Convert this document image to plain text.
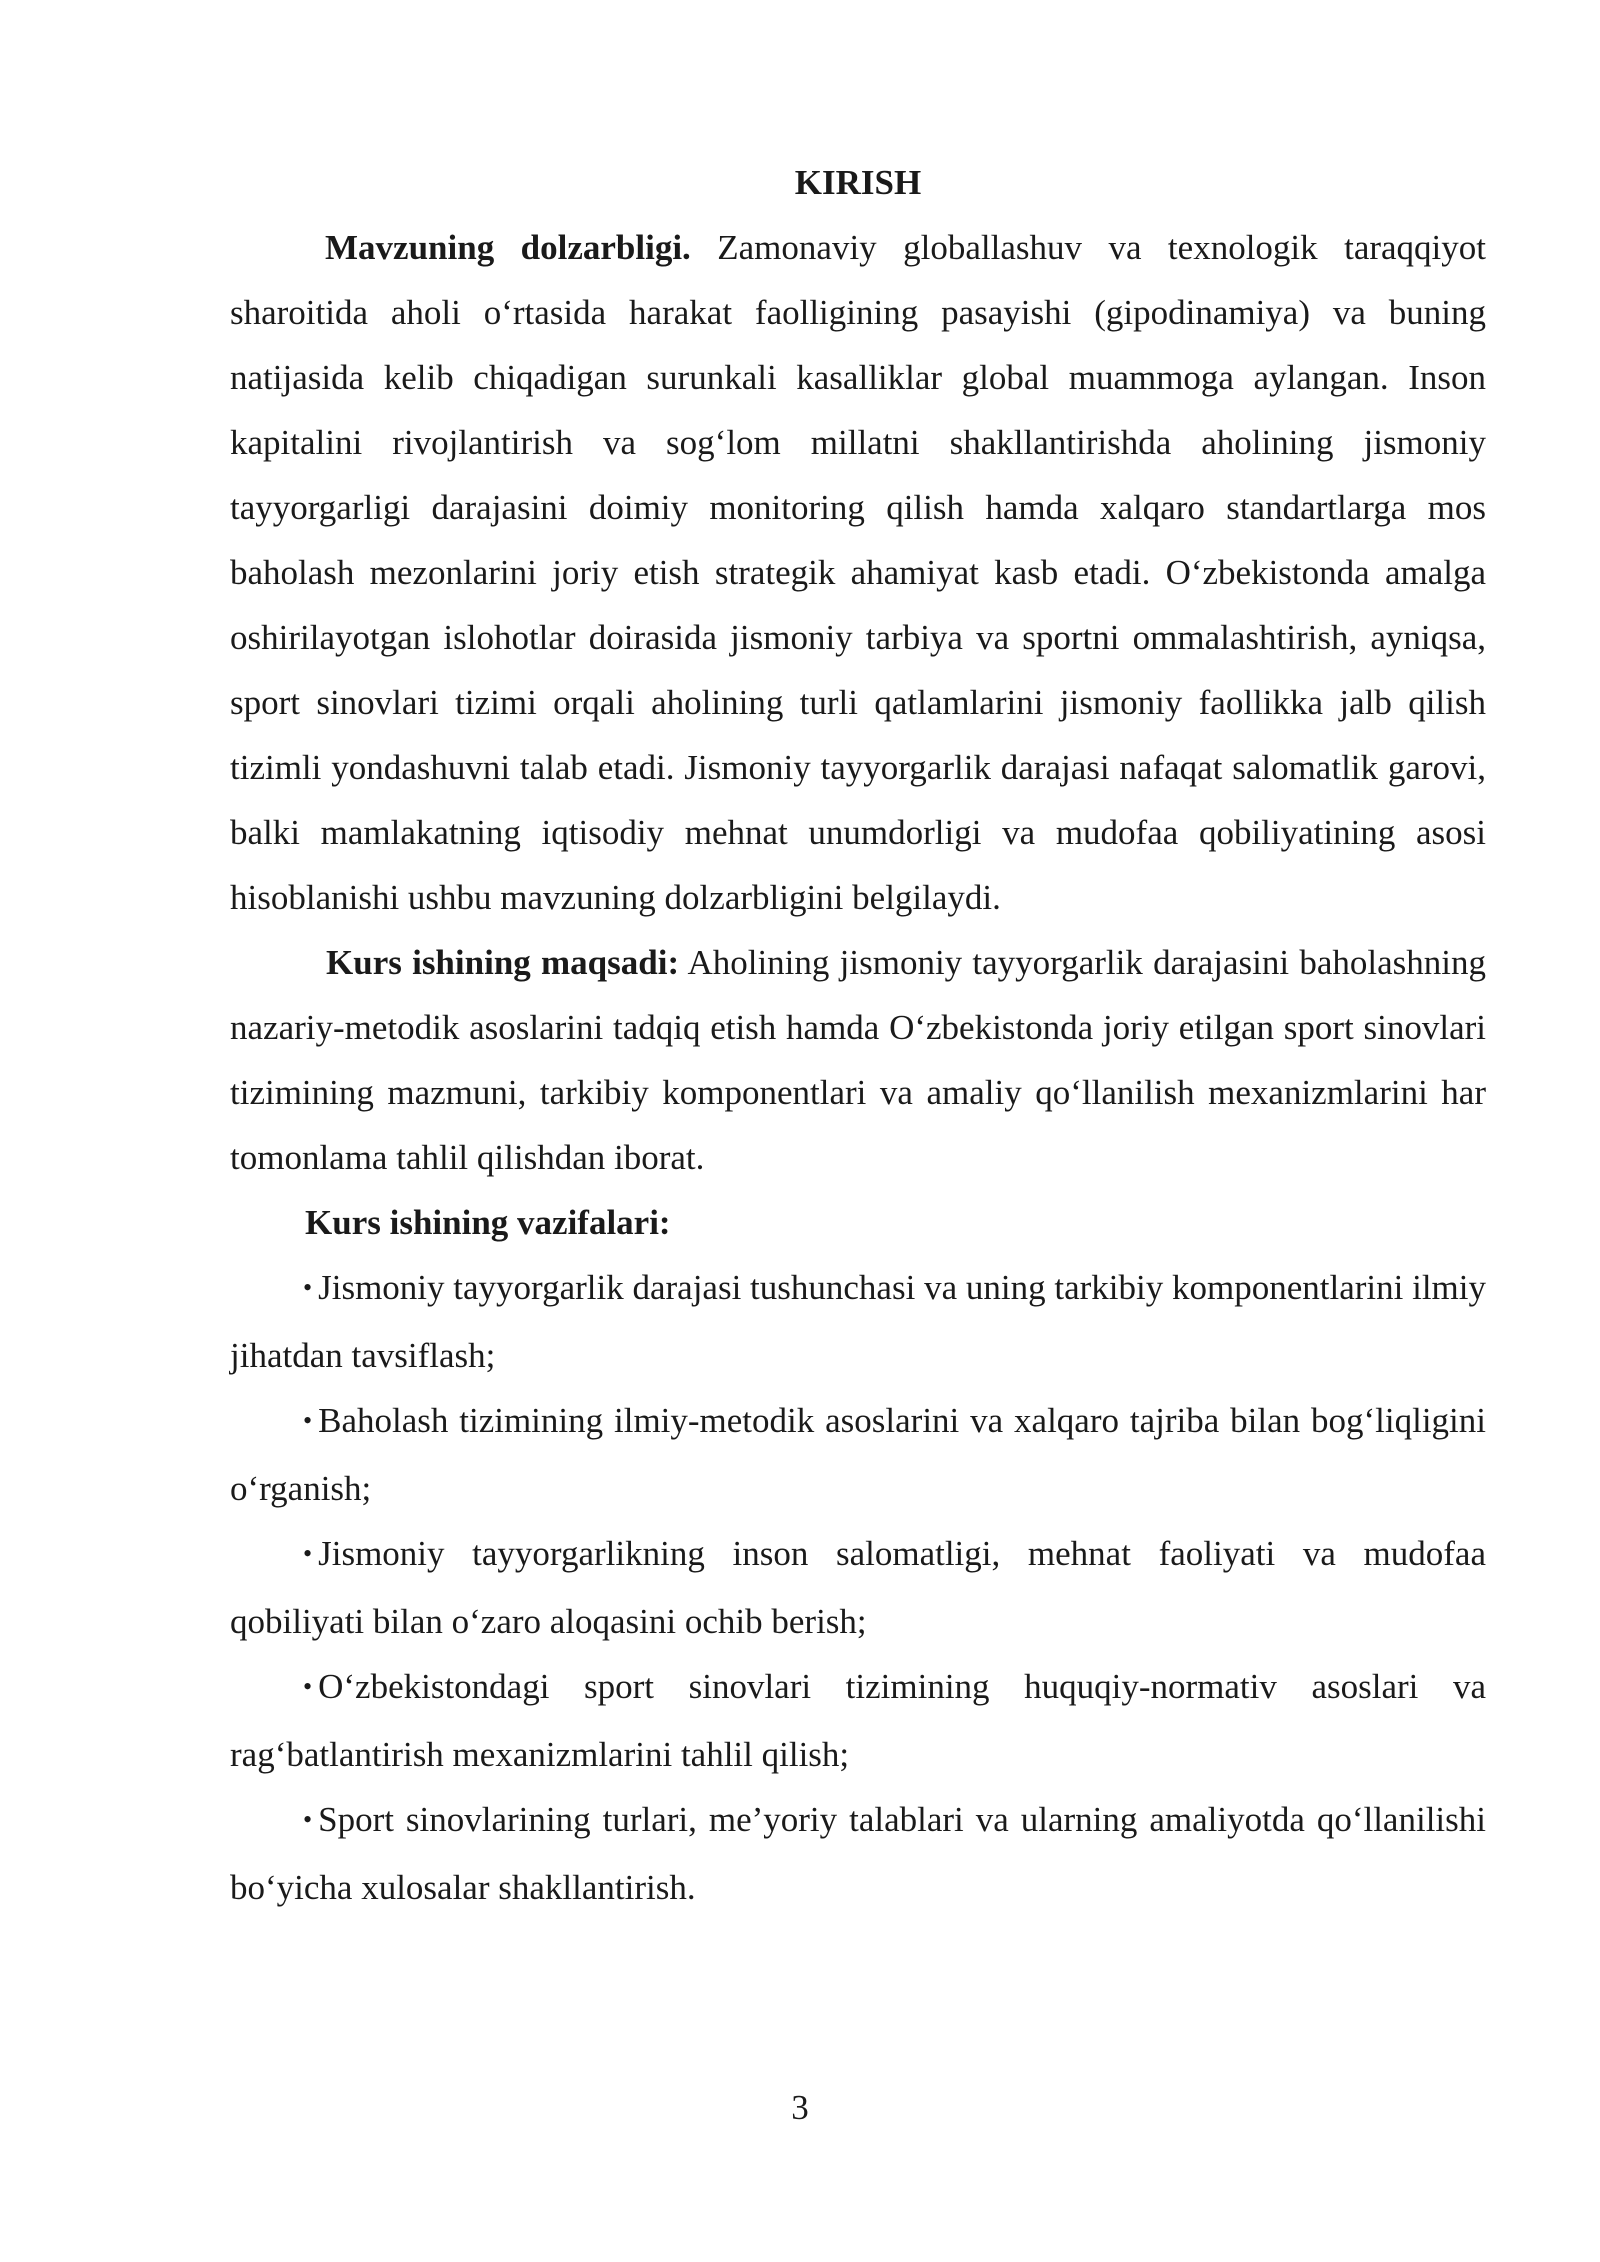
KIRISH

Mavzuning dolzarbligi. Zamonaviy globallashuv va texnologik taraqqiyot sharoitida aholi o‘rtasida harakat faolligining pasayishi (gipodinamiya) va buning natijasida kelib chiqadigan surunkali kasalliklar global muammoga aylangan. Inson kapitalini rivojlantirish va sog‘lom millatni shakllantirishda aholining jismoniy tayyorgarligi darajasini doimiy monitoring qilish hamda xalqaro standartlarga mos baholash mezonlarini joriy etish strategik ahamiyat kasb etadi. O‘zbekistonda amalga oshirilayotgan islohotlar doirasida jismoniy tarbiya va sportni ommalashtirish, ayniqsa, sport sinovlari tizimi orqali aholining turli qatlamlarini jismoniy faollikka jalb qilish tizimli yondashuvni talab etadi. Jismoniy tayyorgarlik darajasi nafaqat salomatlik garovi, balki mamlakatning iqtisodiy mehnat unumdorligi va mudofaa qobiliyatining asosi hisoblanishi ushbu mavzuning dolzarbligini belgilaydi.

Kurs ishining maqsadi: Aholining jismoniy tayyorgarlik darajasini baholashning nazariy-metodik asoslarini tadqiq etish hamda O‘zbekistonda joriy etilgan sport sinovlari tizimining mazmuni, tarkibiy komponentlari va amaliy qo‘llanilish mexanizmlarini har tomonlama tahlil qilishdan iborat.

Kurs ishining vazifalari:

• Jismoniy tayyorgarlik darajasi tushunchasi va uning tarkibiy komponentlarini ilmiy jihatdan tavsiflash;

• Baholash tizimining ilmiy-metodik asoslarini va xalqaro tajriba bilan bog‘liqligini o‘rganish;

• Jismoniy tayyorgarlikning inson salomatligi, mehnat faoliyati va mudofaa qobiliyati bilan o‘zaro aloqasini ochib berish;

• O‘zbekistondagi sport sinovlari tizimining huquqiy-normativ asoslari va rag‘batlantirish mexanizmlarini tahlil qilish;

• Sport sinovlarining turlari, me’yoriy talablari va ularning amaliyotda qo‘llanilishi bo‘yicha xulosalar shakllantirish.

3
